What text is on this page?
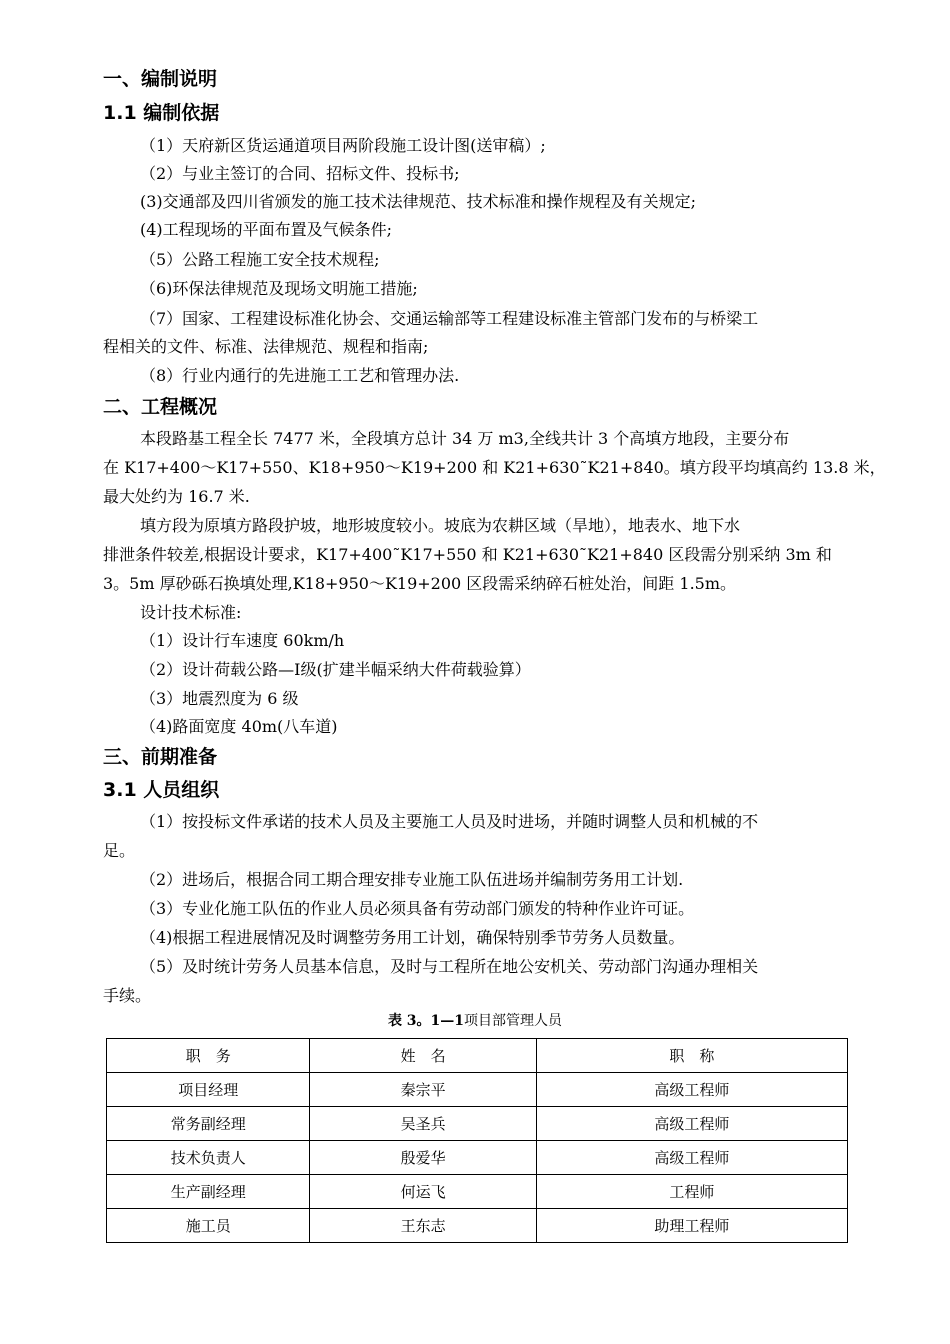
一、编制说明
1.1 编制依据
（1）天府新区货运通道项目两阶段施工设计图(送审稿）;
（2）与业主签订的合同、招标文件、投标书;
(3)交通部及四川省颁发的施工技术法律规范、技术标准和操作规程及有关规定;
(4)工程现场的平面布置及气候条件;
（5）公路工程施工安全技术规程;
（6)环保法律规范及现场文明施工措施;
（7）国家、工程建设标准化协会、交通运输部等工程建设标准主管部门发布的与桥梁工
程相关的文件、标准、法律规范、规程和指南;
（8）行业内通行的先进施工工艺和管理办法.
二、工程概况
本段路基工程全长 7477 米，全段填方总计 34 万 m3,全线共计 3 个高填方地段，主要分布
在 K17+400～K17+550、K18+950～K19+200 和 K21+630˜K21+840。填方段平均填高约 13.8 米，
最大处约为 16.7 米.
填方段为原填方路段护坡，地形坡度较小。坡底为农耕区域（旱地），地表水、地下水
排泄条件较差,根据设计要求，K17+400˜K17+550 和 K21+630˜K21+840 区段需分别采纳 3m 和
3。5m 厚砂砾石换填处理,K18+950～K19+200 区段需采纳碎石桩处治，间距 1.5m。
设计技术标准:
（1）设计行车速度 60km/h
（2）设计荷载公路—Ⅰ级(扩建半幅采纳大件荷载验算）
（3）地震烈度为 6 级
（4)路面宽度 40m(八车道)
三、前期准备
3.1 人员组织
（1）按投标文件承诺的技术人员及主要施工人员及时进场，并随时调整人员和机械的不
足。
（2）进场后，根据合同工期合理安排专业施工队伍进场并编制劳务用工计划.
（3）专业化施工队伍的作业人员必须具备有劳动部门颁发的特种作业许可证。
（4)根据工程进展情况及时调整劳务用工计划，确保特别季节劳务人员数量。
（5）及时统计劳务人员基本信息，及时与工程所在地公安机关、劳动部门沟通办理相关
手续。
表 3。1—1项目部管理人员
职　务	姓　名	职　称
项目经理	秦宗平	高级工程师
常务副经理	吴圣兵	高级工程师
技术负责人	殷爱华	高级工程师
生产副经理	何运飞	工程师
施工员	王东志	助理工程师
